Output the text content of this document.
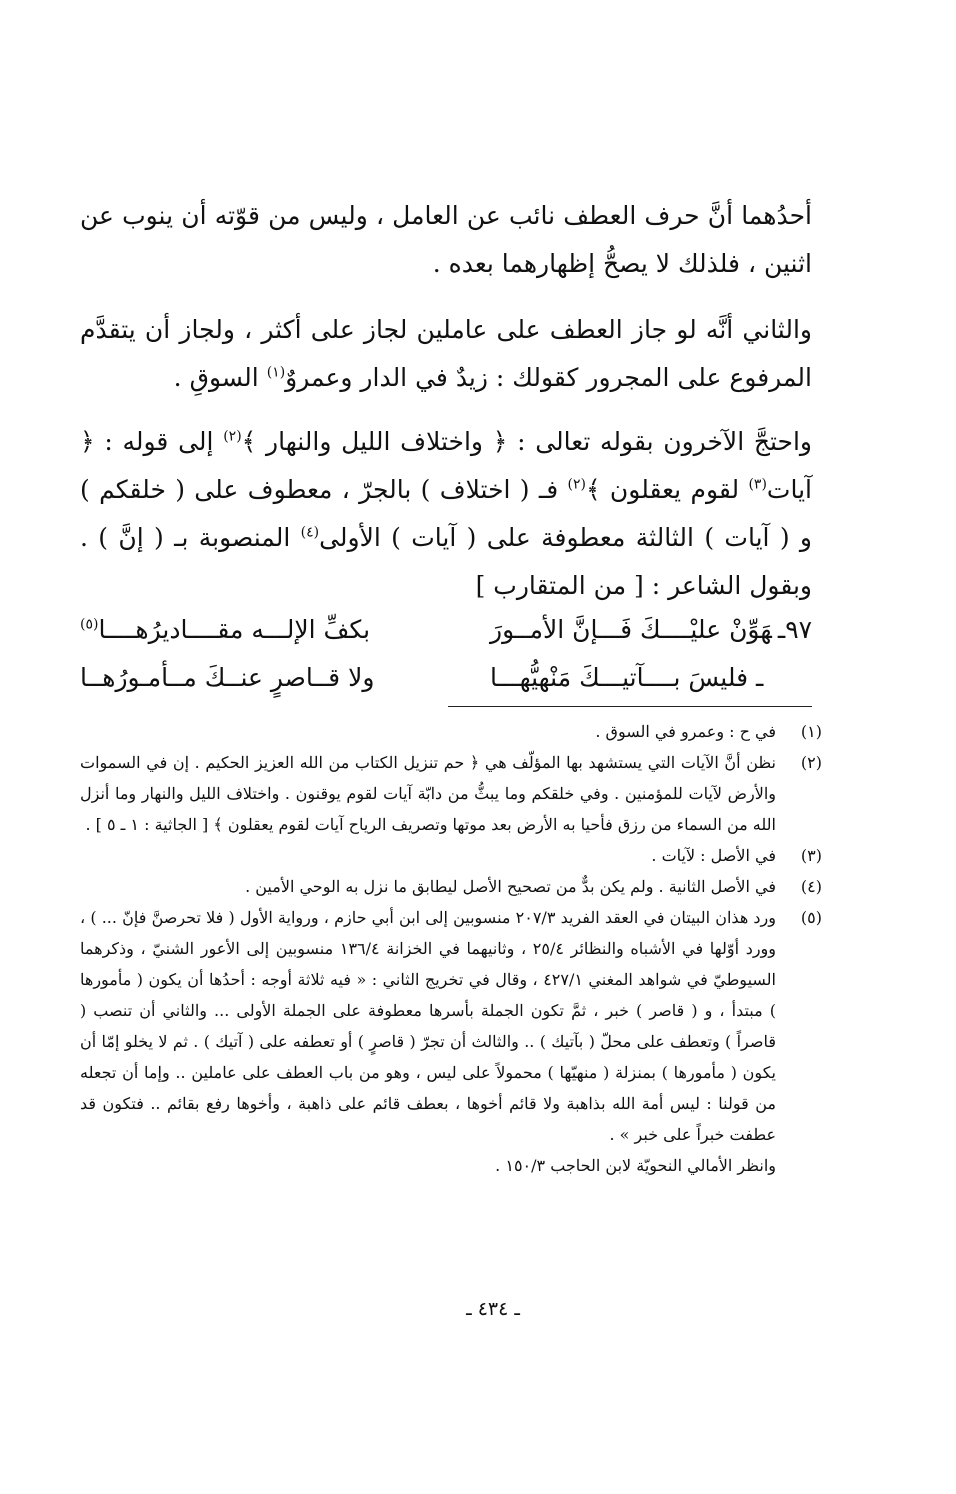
أحدُهما أنَّ حرف العطف نائب عن العامل ، وليس من قوّته أن ينوب عن اثنين ، فلذلك لا يصحُّ إظهارهما بعده .

والثاني أنَّه لو جاز العطف على عاملين لجاز على أكثر ، ولجاز أن يتقدَّم المرفوع على المجرور كقولك : زيدٌ في الدار وعمروٌ$^{(١)}$ السوقِ .

واحتجَّ الآخرون بقوله تعالى : ﴿ واختلاف الليل والنهار ﴾$^{(٢)}$ إلى قوله : ﴿ آيات$^{(٣)}$ لقوم يعقلون ﴾$^{(٢)}$ فـ ( اختلاف ) بالجرّ ، معطوف على ( خلقكم ) و ( آيات ) الثالثة معطوفة على ( آيات ) الأولى$^{(٤)}$ المنصوبة بـ ( إنَّ ) . وبقول الشاعر : [ من المتقارب ]

٩٧ـهَوِّنْ عليْــــكَ فَـــإنَّ الأمــورَ
بكفِّ الإلـــه مقــــاديرُهــــا$^{(٥)}$
ـ فليسَ بــــآتيـــكَ مَنْهيُّهـــا
ولا قــاصرٍ عنــكَ مــأمـورُهــا
(١)
في ح : وعمرو في السوق .
(٢)
نظن أنَّ الآيات التي يستشهد بها المؤلّف هي ﴿ حم تنزيل الكتاب من الله العزيز الحكيم . إن في السموات والأرض لآيات للمؤمنين . وفي خلقكم وما يبثُّ من دابّة آيات لقوم يوقنون . واختلاف الليل والنهار وما أنزل الله من السماء من رزق فأحيا به الأرض بعد موتها وتصريف الرياح آيات لقوم يعقلون ﴾ [ الجاثية : ١ ـ ٥ ] .
(٣)
في الأصل : لآيات .
(٤)
في الأصل الثانية . ولم يكن بدٌّ من تصحيح الأصل ليطابق ما نزل به الوحي الأمين .
(٥)
ورد هذان البيتان في العقد الفريد ٢٠٧/٣ منسوبين إلى ابن أبي حازم ، ورواية الأول ( فلا تحرصنَّ فإنّ ... ) ، وورد أوّلها في الأشباه والنظائر ٢٥/٤ ، وثانيهما في الخزانة ١٣٦/٤ منسوبين إلى الأعور الشنيّ ، وذكرهما السيوطيّ في شواهد المغني ٤٢٧/١ ، وقال في تخريج الثاني : « فيه ثلاثة أوجه : أحدُها أن يكون ( مأمورها ) مبتدأ ، و ( قاصر ) خبر ، ثمَّ تكون الجملة بأسرها معطوفة على الجملة الأولى ... والثاني أن تنصب ( قاصراً ) وتعطف على محلّ ( بآتيك ) .. والثالث أن تجرّ ( قاصرٍ ) أو تعطفه على ( آتيك ) . ثم لا يخلو إمّا أن يكون ( مأمورها ) بمنزلة ( منهيّها ) محمولاً على ليس ، وهو من باب العطف على عاملين .. وإما أن تجعله من قولنا : ليس أمة الله بذاهبة ولا قائم أخوها ، بعطف قائم على ذاهبة ، وأخوها رفع بقائم .. فتكون قد عطفت خبراً على خبر » .
وانظر الأمالي النحويّة لابن الحاجب ١٥٠/٣ .
ـ ٤٣٤ ـ
